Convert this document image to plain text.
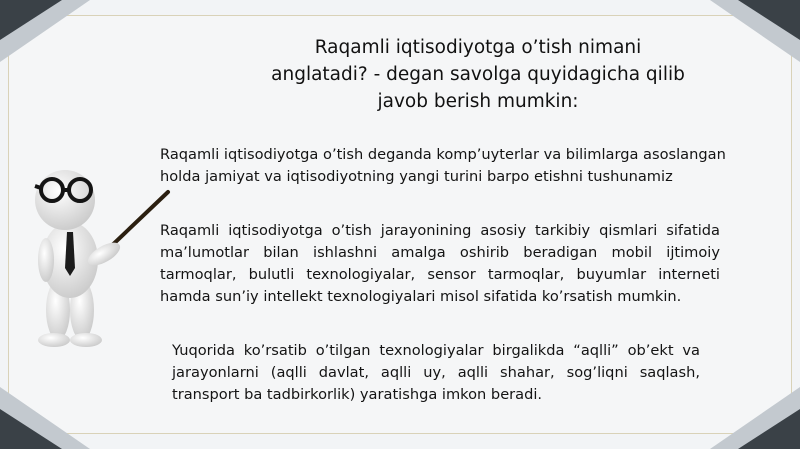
Raqamli iqtisodiyotga o’tish nimani anglatadi? - degan savolga quyidagicha qilib javob berish mumkin:
Raqamli iqtisodiyotga o’tish deganda komp’uyterlar va bilimlarga asoslangan holda jamiyat va iqtisodiyotning yangi turini barpo etishni tushunamiz
Raqamli iqtisodiyotga o’tish jarayonining asosiy tarkibiy qismlari sifatida ma’lumotlar bilan ishlashni amalga oshirib beradigan mobil ijtimoiy tarmoqlar, bulutli texnologiyalar, sensor tarmoqlar, buyumlar interneti hamda sun’iy intellekt texnologiyalari misol sifatida ko’rsatish mumkin.
Yuqorida ko’rsatib o’tilgan texnologiyalar birgalikda “aqlli” ob’ekt va jarayonlarni (aqlli davlat, aqlli uy, aqlli shahar, sog’liqni saqlash, transport ba tadbirkorlik) yaratishga imkon beradi.
